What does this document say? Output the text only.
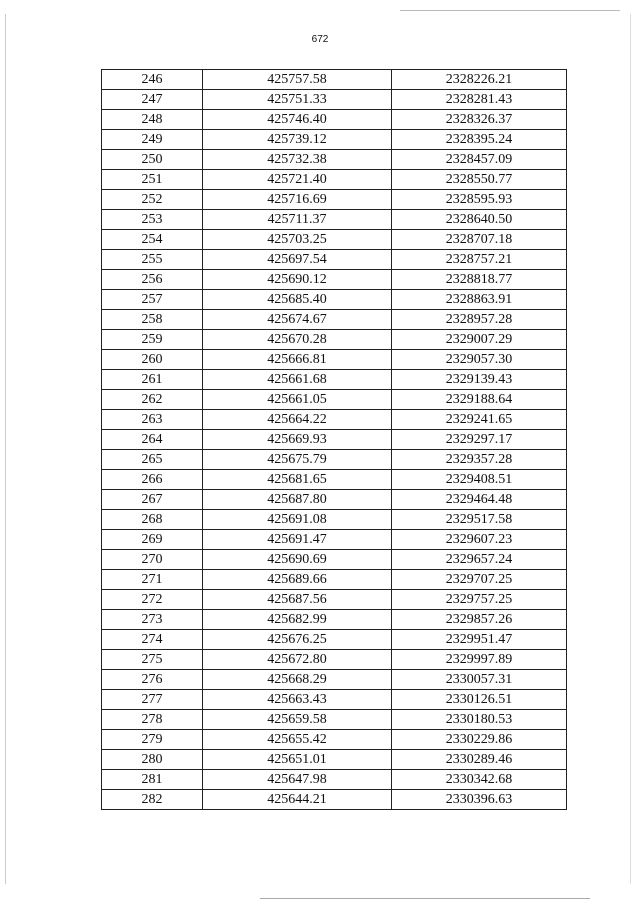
672
246	425757.58	2328226.21
247	425751.33	2328281.43
248	425746.40	2328326.37
249	425739.12	2328395.24
250	425732.38	2328457.09
251	425721.40	2328550.77
252	425716.69	2328595.93
253	425711.37	2328640.50
254	425703.25	2328707.18
255	425697.54	2328757.21
256	425690.12	2328818.77
257	425685.40	2328863.91
258	425674.67	2328957.28
259	425670.28	2329007.29
260	425666.81	2329057.30
261	425661.68	2329139.43
262	425661.05	2329188.64
263	425664.22	2329241.65
264	425669.93	2329297.17
265	425675.79	2329357.28
266	425681.65	2329408.51
267	425687.80	2329464.48
268	425691.08	2329517.58
269	425691.47	2329607.23
270	425690.69	2329657.24
271	425689.66	2329707.25
272	425687.56	2329757.25
273	425682.99	2329857.26
274	425676.25	2329951.47
275	425672.80	2329997.89
276	425668.29	2330057.31
277	425663.43	2330126.51
278	425659.58	2330180.53
279	425655.42	2330229.86
280	425651.01	2330289.46
281	425647.98	2330342.68
282	425644.21	2330396.63
